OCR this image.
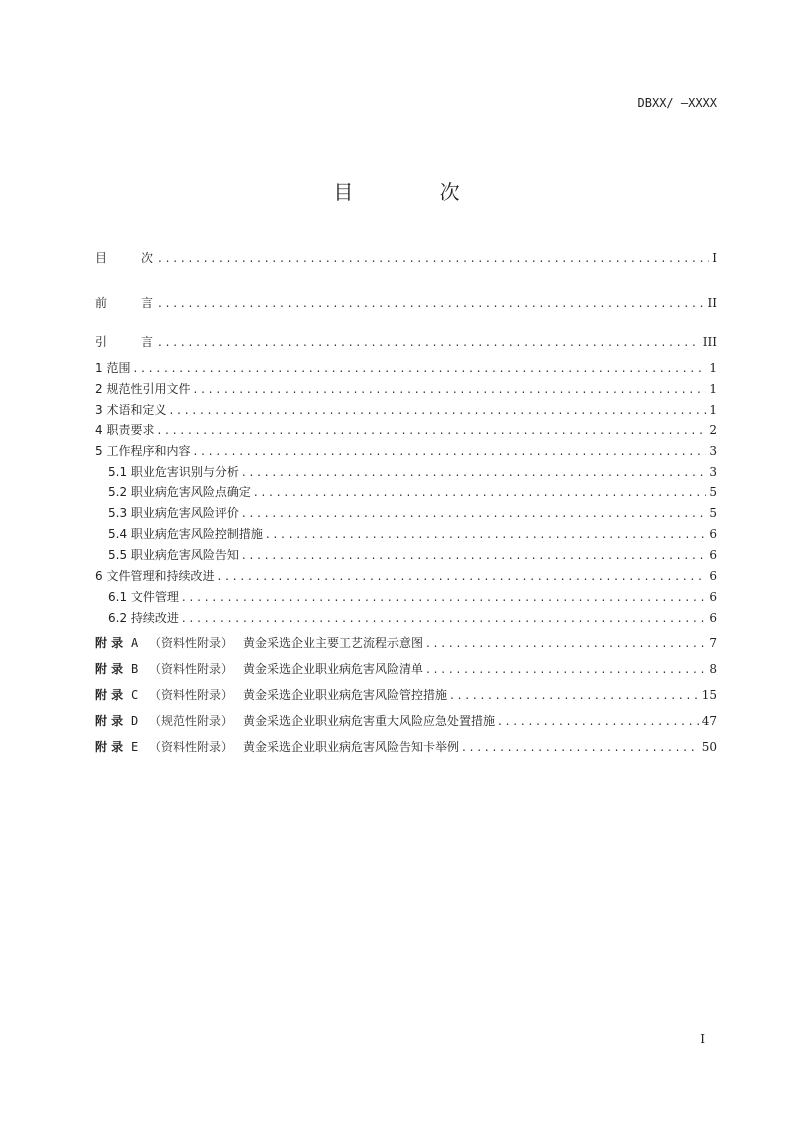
DBXX/ —XXXX
目 次
目	次 . . .	I
前	言 . . .	II
引	言 . . .	III
1 范围 . . .	1
2 规范性引用文件 . . .	1
3 术语和定义 . . .	1
4 职责要求 . . .	2
5 工作程序和内容 . . .	3
5.1 职业危害识别与分析 . . .	3
5.2 职业病危害风险点确定 . . .	5
5.3 职业病危害风险评价 . . .	5
5.4 职业病危害风险控制措施 . . .	6
5.5 职业病危害风险告知 . . .	6
6 文件管理和持续改进 . . .	6
6.1 文件管理 . . .	6
6.2 持续改进 . . .	6
附 录 A （资料性附录） 黄金采选企业主要工艺流程示意图 . . .	7
附 录 B （资料性附录） 黄金采选企业职业病危害风险清单 . . .	8
附 录 C （资料性附录） 黄金采选企业职业病危害风险管控措施 . . .	15
附 录 D （规范性附录） 黄金采选企业职业病危害重大风险应急处置措施 . . .	47
附 录 E （资料性附录） 黄金采选企业职业病危害风险告知卡举例 . . .	50
I
